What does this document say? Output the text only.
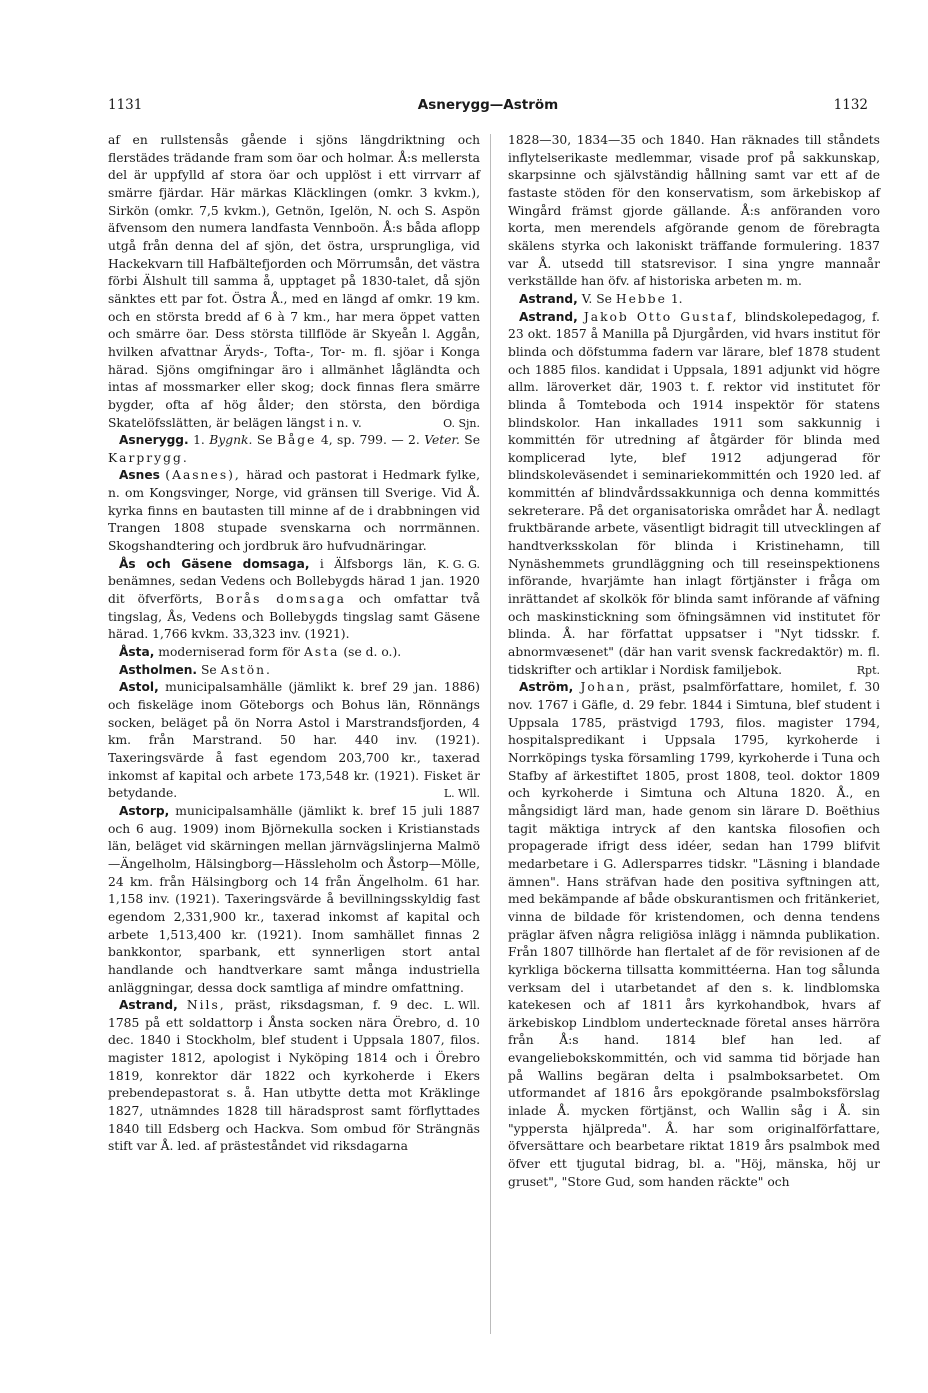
1131	Asnerygg—Aström	1132

af en rullstensås gående i sjöns längdriktning och flerstädes trädande fram som öar och holmar. Å:s mellersta del är uppfylld af stora öar och upplöst i ett virrvarr af smärre fjärdar. Här märkas Kläcklingen (omkr. 3 kvkm.), Sirkön (omkr. 7,5 kvkm.), Getnön, Igelön, N. och S. Aspön äfvensom den numera landfasta Vennboön. Å:s båda aflopp utgå från denna del af sjön, det östra, ursprungliga, vid Hackekvarn till Hafbältefjorden och Mörrumsån, det västra förbi Älshult till samma å, upptaget på 1830-talet, då sjön sänktes ett par fot. Östra Å., med en längd af omkr. 19 km. och en största bredd af 6 à 7 km., har mera öppet vatten och smärre öar. Dess största tillflöde är Skyeån l. Aggån, hvilken afvattnar Äryds-, Tofta-, Tor- m. fl. sjöar i Konga härad. Sjöns omgifningar äro i allmänhet lågländta och intas af mossmarker eller skog; dock finnas flera smärre bygder, ofta af hög ålder; den största, den bördiga Skatelöfsslätten, är belägen längst i n. v.	O. Sjn.

Asnerygg. 1. Bygnk. Se Båge 4, sp. 799. — 2. Veter. Se Karprygg.

Asnes (Aasnes), härad och pastorat i Hedmark fylke, n. om Kongsvinger, Norge, vid gränsen till Sverige. Vid Å. kyrka finns en bautasten till minne af de i drabbningen vid Trangen 1808 stupade svenskarna och norrmännen. Skogshandtering och jordbruk äro hufvudnäringar.
K. G. G.

Ås och Gäsene domsaga, i Älfsborgs län, benämnes, sedan Vedens och Bollebygds härad 1 jan. 1920 dit öfverförts, Borås domsaga och omfattar två tingslag, Ås, Vedens och Bollebygds tingslag samt Gäsene härad. 1,766 kvkm. 33,323 inv. (1921).

Åsta, moderniserad form för Asta (se d. o.).

Astholmen. Se Astön.

Astol, municipalsamhälle (jämlikt k. bref 29 jan. 1886) och fiskeläge inom Göteborgs och Bohus län, Rönnängs socken, beläget på ön Norra Astol i Marstrandsfjorden, 4 km. från Marstrand. 50 har. 440 inv. (1921). Taxeringsvärde å fast egendom 203,700 kr., taxerad inkomst af kapital och arbete 173,548 kr. (1921). Fisket är betydande.	L. Wll.

Astorp, municipalsamhälle (jämlikt k. bref 15 juli 1887 och 6 aug. 1909) inom Björnekulla socken i Kristianstads län, beläget vid skärningen mellan järnvägslinjerna Malmö—Ängelholm, Hälsingborg—Hässleholm och Åstorp—Mölle, 24 km. från Hälsingborg och 14 från Ängelholm. 61 har. 1,158 inv. (1921). Taxeringsvärde å bevillningsskyldig fast egendom 2,331,900 kr., taxerad inkomst af kapital och arbete 1,513,400 kr. (1921). Inom samhället finnas 2 bankkontor, sparbank, ett synnerligen stort antal handlande och handtverkare samt många industriella anläggningar, dessa dock samtliga af mindre omfattning.
L. Wll.

Astrand, Nils, präst, riksdagsman, f. 9 dec. 1785 på ett soldattorp i Ånsta socken nära Örebro, d. 10 dec. 1840 i Stockholm, blef student i Uppsala 1807, filos. magister 1812, apologist i Nyköping 1814 och i Örebro 1819, konrektor där 1822 och kyrkoherde i Ekers prebendepastorat s. å. Han utbytte detta mot Kräklinge 1827, utnämndes 1828 till häradsprost samt förflyttades 1840 till Edsberg och Hackva. Som ombud för Strängnäs stift var Å. led. af prästeståndet vid riksdagarna

1828—30, 1834—35 och 1840. Han räknades till ståndets inflytelserikaste medlemmar, visade prof på sakkunskap, skarpsinne och självständig hållning samt var ett af de fastaste stöden för den konservatism, som ärkebiskop af Wingård främst gjorde gällande. Å:s anföranden voro korta, men merendels afgörande genom de förebragta skälens styrka och lakoniskt träffande formulering. 1837 var Å. utsedd till statsrevisor. I sina yngre mannaår verkställde han öfv. af historiska arbeten m. m.

Astrand, V. Se Hebbe 1.

Astrand, Jakob Otto Gustaf, blindskolepedagog, f. 23 okt. 1857 å Manilla på Djurgården, vid hvars institut för blinda och döfstumma fadern var lärare, blef 1878 student och 1885 filos. kandidat i Uppsala, 1891 adjunkt vid högre allm. läroverket där, 1903 t. f. rektor vid institutet för blinda å Tomteboda och 1914 inspektör för statens blindskolor. Han inkallades 1911 som sakkunnig i kommittén för utredning af åtgärder för blinda med komplicerad lyte, blef 1912 adjungerad för blindskoleväsendet i seminariekommittén och 1920 led. af kommittén af blindvårdssakkunniga och denna kommittés sekreterare. På det organisatoriska området har Å. nedlagt fruktbärande arbete, väsentligt bidragit till utvecklingen af handtverksskolan för blinda i Kristinehamn, till Nynäshemmets grundläggning och till reseinspektionens införande, hvarjämte han inlagt förtjänster i fråga om inrättandet af skolkök för blinda samt införande af väfning och maskinstickning som öfningsämnen vid institutet för blinda. Å. har författat uppsatser i "Nyt tidsskr. f. abnormvæsenet" (där han varit svensk fackredaktör) m. fl. tidskrifter och artiklar i Nordisk familjebok.	Rpt.

Aström, Johan, präst, psalmförfattare, homilet, f. 30 nov. 1767 i Gäfle, d. 29 febr. 1844 i Simtuna, blef student i Uppsala 1785, prästvigd 1793, filos. magister 1794, hospitalspredikant i Uppsala 1795, kyrkoherde i Norrköpings tyska församling 1799, kyrkoherde i Tuna och Stafby af ärkestiftet 1805, prost 1808, teol. doktor 1809 och kyrkoherde i Simtuna och Altuna 1820. Å., en mångsidigt lärd man, hade genom sin lärare D. Boëthius tagit mäktiga intryck af den kantska filosofien och propagerade ifrigt dess idéer, sedan han 1799 blifvit medarbetare i G. Adlersparres tidskr. "Läsning i blandade ämnen". Hans sträfvan hade den positiva syftningen att, med bekämpande af både obskurantismen och fritänkeriet, vinna de bildade för kristendomen, och denna tendens präglar äfven några religiösa inlägg i nämnda publikation. Från 1807 tillhörde han flertalet af de för revisionen af de kyrkliga böckerna tillsatta kommittéerna. Han tog sålunda verksam del i utarbetandet af den s. k. lindblomska katekesen och af 1811 års kyrkohandbok, hvars af ärkebiskop Lindblom undertecknade företal anses härröra från Å:s hand. 1814 blef han led. af evangeliebokskommittén, och vid samma tid började han på Wallins begäran delta i psalmboksarbetet. Om utformandet af 1816 års epokgörande psalmboksförslag inlade Å. mycken förtjänst, och Wallin såg i Å. sin "yppersta hjälpreda". Å. har som originalförfattare, öfversättare och bearbetare riktat 1819 års psalmbok med öfver ett tjugutal bidrag, bl. a. "Höj, mänska, höj ur gruset", "Store Gud, som handen räckte" och
